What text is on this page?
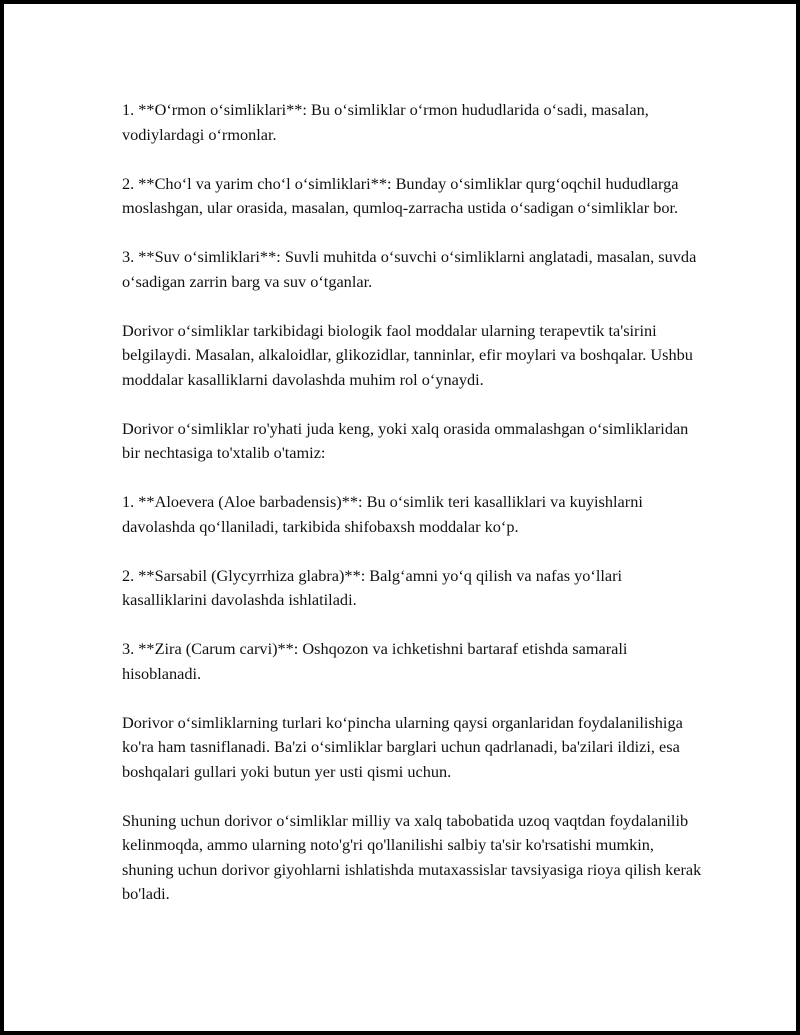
1. **O‘rmon o‘simliklari**: Bu o‘simliklar o‘rmon hududlarida o‘sadi, masalan, vodiylardagi o‘rmonlar.

2. **Cho‘l va yarim cho‘l o‘simliklari**: Bunday o‘simliklar qurg‘oqchil hududlarga moslashgan, ular orasida, masalan, qumloq-zarracha ustida o‘sadigan o‘simliklar bor.

3. **Suv o‘simliklari**: Suvli muhitda o‘suvchi o‘simliklarni anglatadi, masalan, suvda o‘sadigan zarrin barg va suv o‘tganlar.

Dorivor o‘simliklar tarkibidagi biologik faol moddalar ularning terapevtik ta'sirini belgilaydi. Masalan, alkaloidlar, glikozidlar, tanninlar, efir moylari va boshqalar. Ushbu moddalar kasalliklarni davolashda muhim rol o‘ynaydi.

Dorivor o‘simliklar ro'yhati juda keng, yoki xalq orasida ommalashgan o‘simliklaridan bir nechtasiga to'xtalib o'tamiz:

1. **Aloevera (Aloe barbadensis)**: Bu o‘simlik teri kasalliklari va kuyishlarni davolashda qo‘llaniladi, tarkibida shifobaxsh moddalar ko‘p.

2. **Sarsabil (Glycyrrhiza glabra)**: Balg‘amni yo‘q qilish va nafas yo‘llari kasalliklarini davolashda ishlatiladi.

3. **Zira (Carum carvi)**: Oshqozon va ichketishni bartaraf etishda samarali hisoblanadi.

Dorivor o‘simliklarning turlari ko‘pincha ularning qaysi organlaridan foydalanilishiga ko'ra ham tasniflanadi. Ba'zi o‘simliklar barglari uchun qadrlanadi, ba'zilari ildizi, esa boshqalari gullari yoki butun yer usti qismi uchun.

Shuning uchun dorivor o‘simliklar milliy va xalq tabobatida uzoq vaqtdan foydalanilib kelinmoqda, ammo ularning noto'g'ri qo'llanilishi salbiy ta'sir ko'rsatishi mumkin, shuning uchun dorivor giyohlarni ishlatishda mutaxassislar tavsiyasiga rioya qilish kerak bo'ladi.
